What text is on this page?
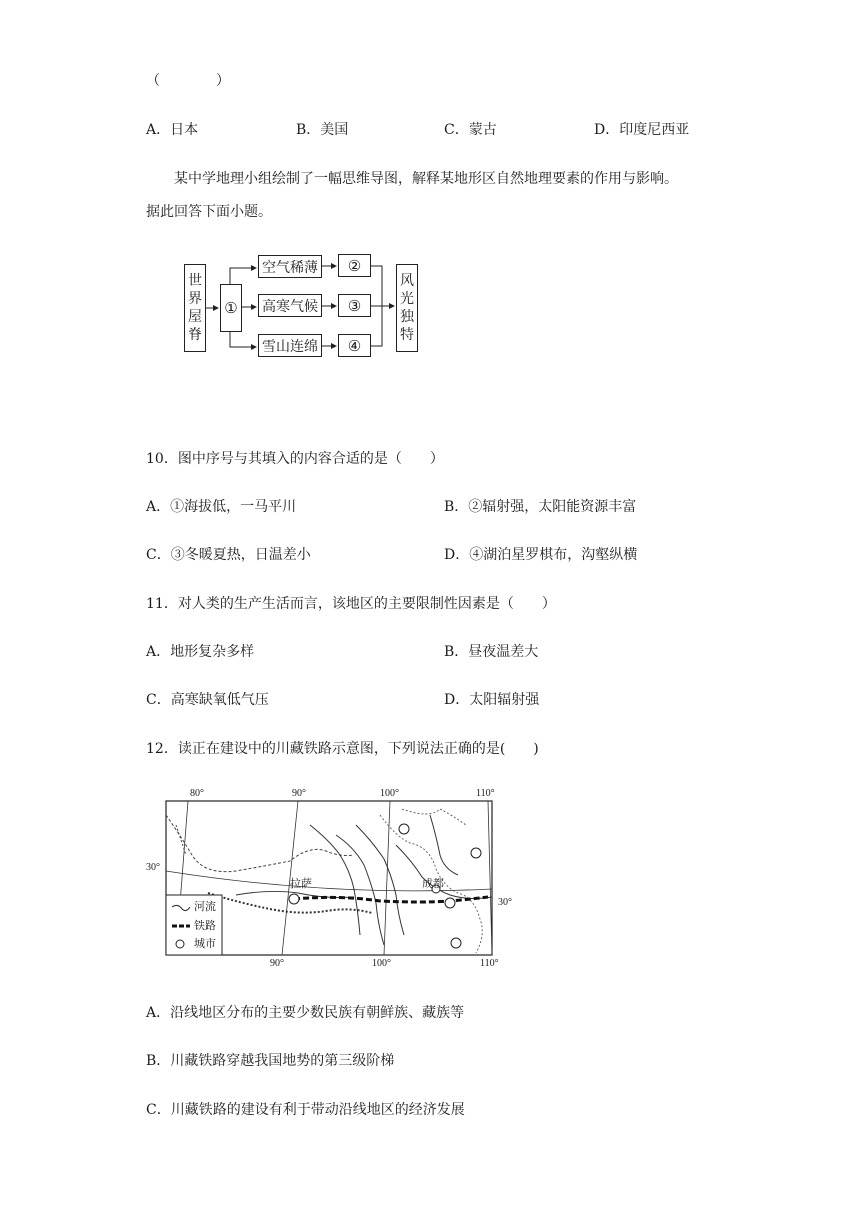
（　　　　）
A．日本	B．美国	C．蒙古	D．印度尼西亚
某中学地理小组绘制了一幅思维导图，解释某地形区自然地理要素的作用与影响。
据此回答下面小题。
世
界
屋
脊
①
空气稀薄
高寒气候
雪山连绵
②
③
④
风
光
独
特
10．图中序号与其填入的内容合适的是（　　）
A．①海拔低，一马平川	B．②辐射强，太阳能资源丰富
C．③冬暖夏热，日温差小	D．④湖泊星罗棋布，沟壑纵横
11．对人类的生产生活而言，该地区的主要限制性因素是（　　）
A．地形复杂多样	B．昼夜温差大
C．高寒缺氧低气压	D．太阳辐射强
12．读正在建设中的川藏铁路示意图，下列说法正确的是(　　)
80°	90°	100°	110°
90°	100°	110°
30°
30°
拉萨	成都
河流
铁路
城市
A．沿线地区分布的主要少数民族有朝鲜族、藏族等
B．川藏铁路穿越我国地势的第三级阶梯
C．川藏铁路的建设有利于带动沿线地区的经济发展
